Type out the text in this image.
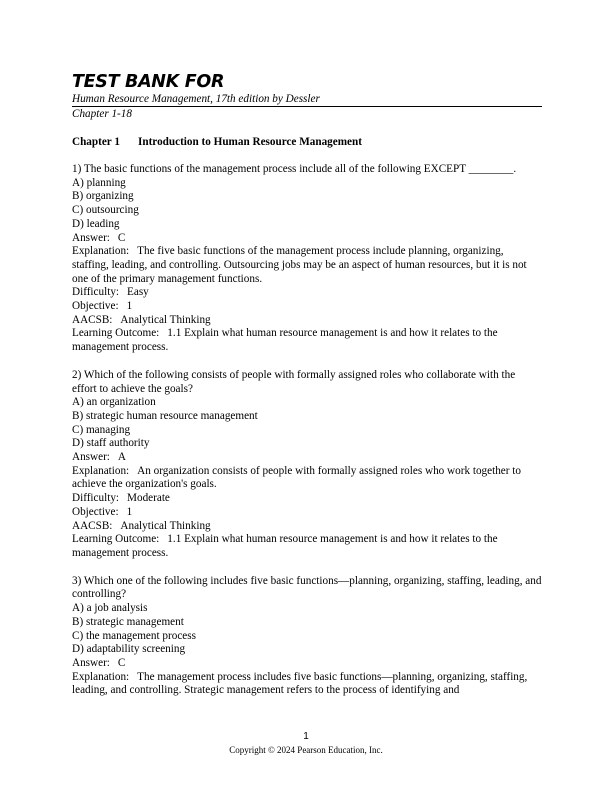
TEST BANK FOR
Human Resource Management, 17th edition by Dessler
Chapter 1-18
Chapter 1 Introduction to Human Resource Management
1) The basic functions of the management process include all of the following EXCEPT ________.
A) planning
B) organizing
C) outsourcing
D) leading
Answer: C
Explanation: The five basic functions of the management process include planning, organizing, staffing, leading, and controlling. Outsourcing jobs may be an aspect of human resources, but it is not one of the primary management functions.
Difficulty: Easy
Objective: 1
AACSB: Analytical Thinking
Learning Outcome: 1.1 Explain what human resource management is and how it relates to the management process.
2) Which of the following consists of people with formally assigned roles who collaborate with the effort to achieve the goals?
A) an organization
B) strategic human resource management
C) managing
D) staff authority
Answer: A
Explanation: An organization consists of people with formally assigned roles who work together to achieve the organization's goals.
Difficulty: Moderate
Objective: 1
AACSB: Analytical Thinking
Learning Outcome: 1.1 Explain what human resource management is and how it relates to the management process.
3) Which one of the following includes five basic functions—planning, organizing, staffing, leading, and controlling?
A) a job analysis
B) strategic management
C) the management process
D) adaptability screening
Answer: C
Explanation: The management process includes five basic functions—planning, organizing, staffing, leading, and controlling. Strategic management refers to the process of identifying and
1
Copyright © 2024 Pearson Education, Inc.
